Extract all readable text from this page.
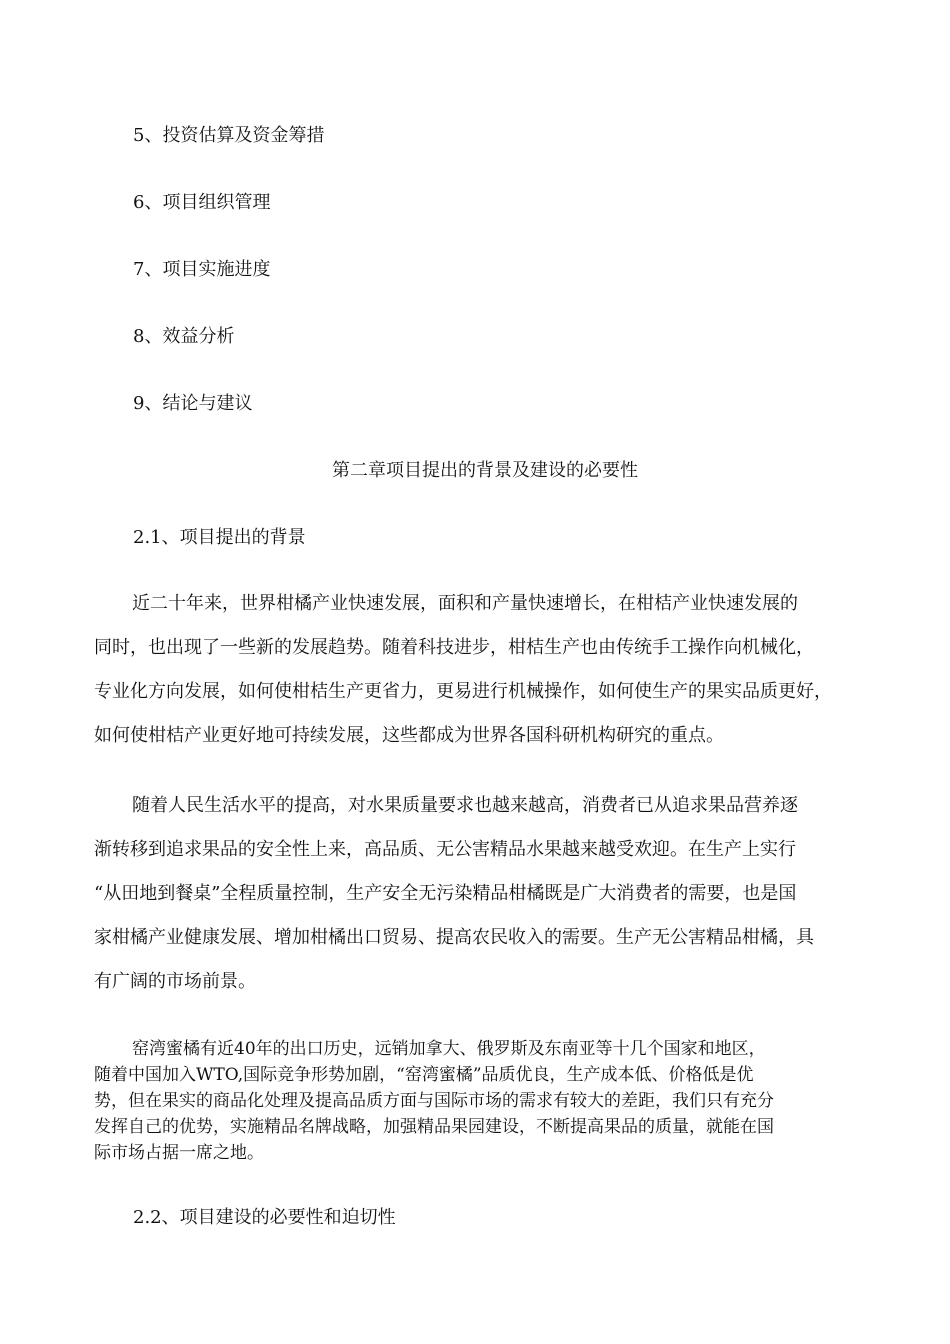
5、投资估算及资金筹措
6、项目组织管理
7、项目实施进度
8、效益分析
9、结论与建议
第二章项目提出的背景及建设的必要性
2.1、项目提出的背景
近二十年来，世界柑橘产业快速发展，面积和产量快速增长，在柑桔产业快速发展的
同时，也出现了一些新的发展趋势。随着科技进步，柑桔生产也由传统手工操作向机械化，
专业化方向发展，如何使柑桔生产更省力，更易进行机械操作，如何使生产的果实品质更好，
如何使柑桔产业更好地可持续发展，这些都成为世界各国科研机构研究的重点。
随着人民生活水平的提高，对水果质量要求也越来越高，消费者已从追求果品营养逐
渐转移到追求果品的安全性上来，高品质、无公害精品水果越来越受欢迎。在生产上实行
“从田地到餐桌”全程质量控制，生产安全无污染精品柑橘既是广大消费者的需要，也是国
家柑橘产业健康发展、增加柑橘出口贸易、提高农民收入的需要。生产无公害精品柑橘，具
有广阔的市场前景。
窑湾蜜橘有近40年的出口历史，远销加拿大、俄罗斯及东南亚等十几个国家和地区，
随着中国加入WTO,国际竞争形势加剧，“窑湾蜜橘”品质优良，生产成本低、价格低是优
势，但在果实的商品化处理及提高品质方面与国际市场的需求有较大的差距，我们只有充分
发挥自己的优势，实施精品名牌战略，加强精品果园建设，不断提高果品的质量，就能在国
际市场占据一席之地。
2.2、项目建设的必要性和迫切性
